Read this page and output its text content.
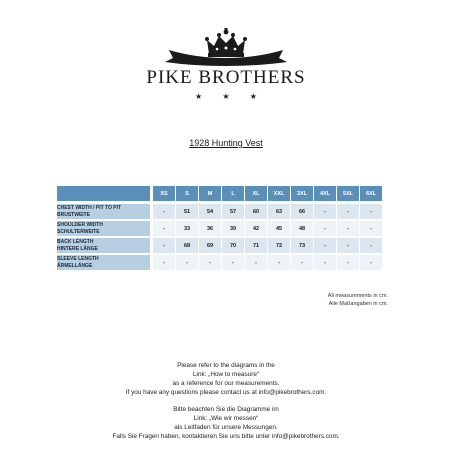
PIKE BROTHERS
★ ★ ★
1928 Hunting Vest
	XS	S	M	L	XL	XXL	3XL	4XL	5XL	6XL

CHEST WIDTH / PIT TO PIT
BRUSTWEITE	-	51	54	57	60	63	66	-	-	-

SHOULDER WIDTH
SCHULTERWEITE	-	33	36	39	42	45	48	-	-	-

BACK LENGTH
HINTERE LÄNGE	-	68	69	70	71	72	73	-	-	-

SLEEVE LENGTH
ÄRMELLÄNGE	-	-	-	-	-	-	-	-	-	-
All measurements in cm.
Alle Maßangaben in cm.
Please refer to the diagrams in the
Link: „How to measure“
as a reference for our measurements.
If you have any questions please contact us at info@pikebrothers.com.
Bitte beachten Sie die Diagramme im
Link: „Wie wir messen“
als Leitfaden für unsere Messungen.
Falls Sie Fragen haben, kontaktieren Sie uns bitte unter info@pikebrothers.com.
